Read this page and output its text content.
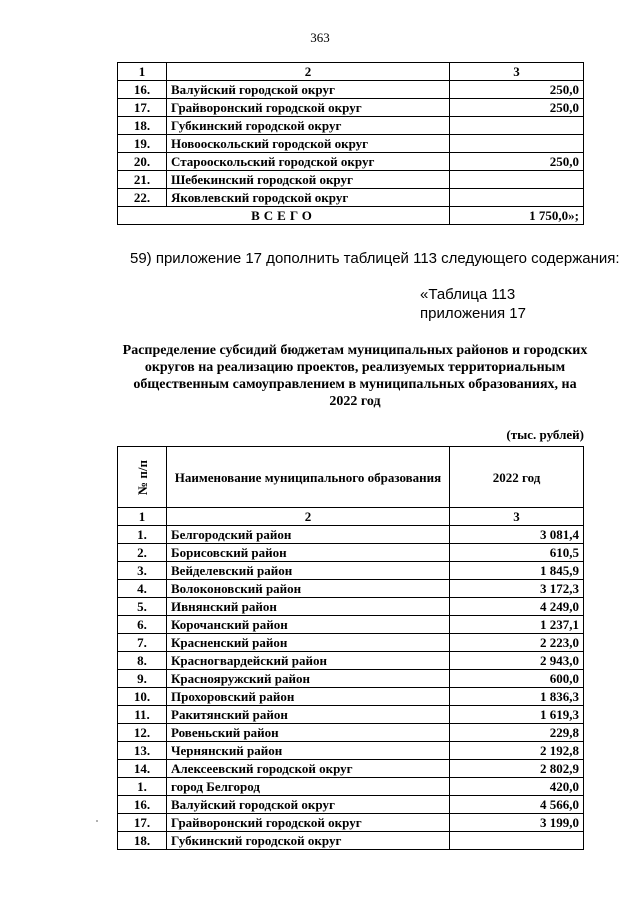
363
1	2	3
16.	Валуйский городской округ	250,0
17.	Грайворонский городской округ	250,0
18.	Губкинский городской округ	
19.	Новооскольский городской округ	
20.	Старооскольский городской округ	250,0
21.	Шебекинский городской округ	
22.	Яковлевский городской округ	
ВСЕГО		1 750,0»;
59) приложение 17 дополнить таблицей 113 следующего содержания:
«Таблица 113
приложения 17
Распределение субсидий бюджетам муниципальных районов и городских округов на реализацию проектов, реализуемых территориальным общественным самоуправлением в муниципальных образованиях, на 2022 год
(тыс. рублей)
№ п/п	Наименование муниципального образования	2022 год
1	2	3
1.	Белгородский район	3 081,4
2.	Борисовский район	610,5
3.	Вейделевский район	1 845,9
4.	Волоконовский район	3 172,3
5.	Ивнянский район	4 249,0
6.	Корочанский район	1 237,1
7.	Красненский район	2 223,0
8.	Красногвардейский район	2 943,0
9.	Краснояружский район	600,0
10.	Прохоровский район	1 836,3
11.	Ракитянский район	1 619,3
12.	Ровеньский район	229,8
13.	Чернянский район	2 192,8
14.	Алексеевский городской округ	2 802,9
1.	город Белгород	420,0
16.	Валуйский городской округ	4 566,0
17.	Грайворонский городской округ	3 199,0
18.	Губкинский городской округ	
